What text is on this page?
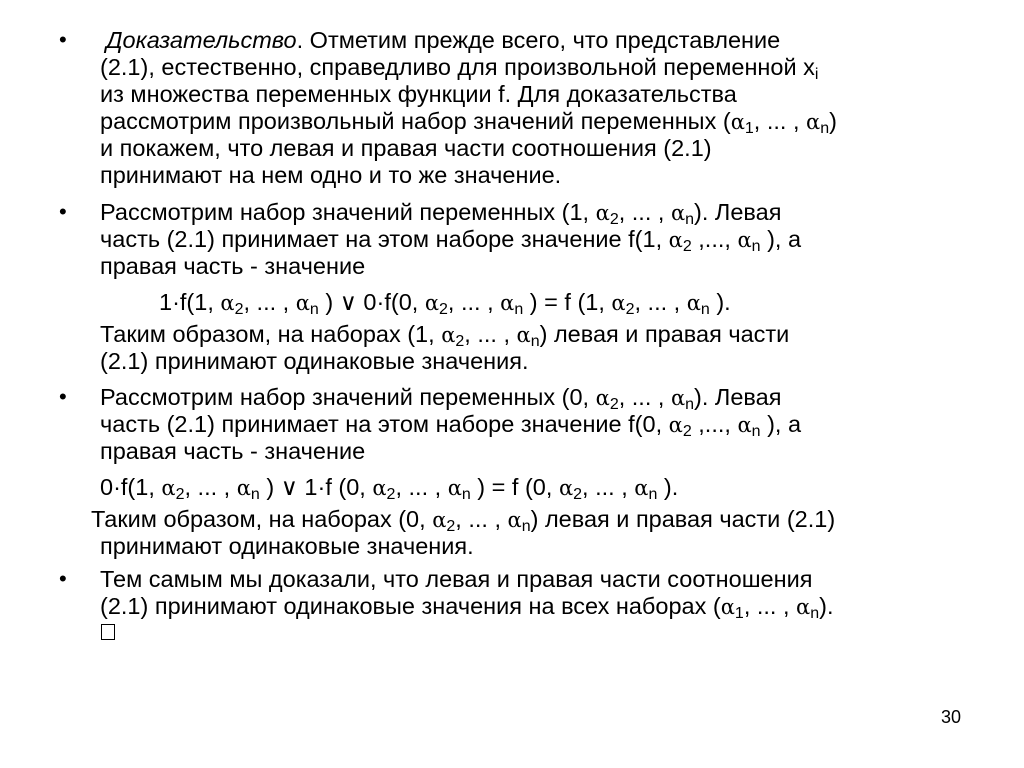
• Доказательство. Отметим прежде всего, что представление
(2.1), естественно, справедливо для произвольной переменной $x_i$
из множества переменных функции f. Для доказательства
рассмотрим произвольный набор значений переменных ($\alpha_1$, ... , $\alpha_n$)
и покажем, что левая и правая части соотношения (2.1)
принимают на нем одно и то же значение.
• Рассмотрим набор значений переменных (1, $\alpha_2$, ... , $\alpha_n$). Левая
часть (2.1) принимает на этом наборе значение f(1, $\alpha_2$ ,..., $\alpha_n$ ), а
правая часть - значение
1·f(1, $\alpha_2$, ... , $\alpha_n$ ) ∨ 0·f(0, $\alpha_2$, ... , $\alpha_n$ ) = f (1, $\alpha_2$, ... , $\alpha_n$ ).
Таким образом, на наборах (1, $\alpha_2$, ... , $\alpha_n$) левая и правая части
(2.1) принимают одинаковые значения.
• Рассмотрим набор значений переменных (0, $\alpha_2$, ... , $\alpha_n$). Левая
часть (2.1) принимает на этом наборе значение f(0, $\alpha_2$ ,..., $\alpha_n$ ), а
правая часть - значение
0·f(1, $\alpha_2$, ... , $\alpha_n$ ) ∨ 1·f (0, $\alpha_2$, ... , $\alpha_n$ ) = f (0, $\alpha_2$, ... , $\alpha_n$ ).
Таким образом, на наборах (0, $\alpha_2$, ... , $\alpha_n$) левая и правая части (2.1)
принимают одинаковые значения.
• Тем самым мы доказали, что левая и правая части соотношения
(2.1) принимают одинаковые значения на всех наборах ($\alpha_1$, ... , $\alpha_n$).
30
